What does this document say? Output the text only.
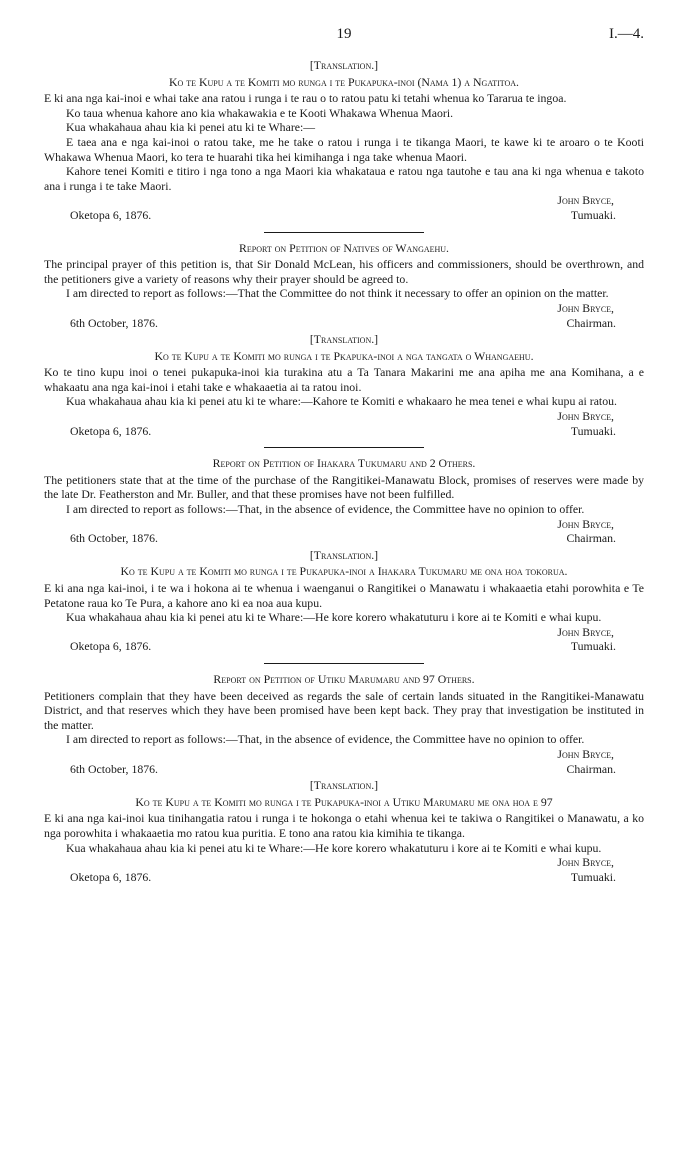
19	I.—4.
[Translation.]
Ko te Kupu a te Komiti mo runga i te Pukapuka-inoi (Nama 1) a Ngatitoa.

E ki ana nga kai-inoi e whai take ana ratou i runga i te rau o to ratou patu ki tetahi whenua ko Tararua te ingoa.

Ko taua whenua kahore ano kia whakawakia e te Kooti Whakawa Whenua Maori.

Kua whakahaua ahau kia ki penei atu ki te Whare:—

E taea ana e nga kai-inoi o ratou take, me he take o ratou i runga i te tikanga Maori, te kawe ki te aroaro o te Kooti Whakawa Whenua Maori, ko tera te huarahi tika hei kimihanga i nga take whenua Maori.

Kahore tenei Komiti e titiro i nga tono a nga Maori kia whakataua e ratou nga tautohe e tau ana ki nga whenua e takoto ana i runga i te take Maori.

John Bryce,
Oketopa 6, 1876.	Tumuaki.
Report on Petition of Natives of Wangaehu.

The principal prayer of this petition is, that Sir Donald McLean, his officers and commissioners, should be overthrown, and the petitioners give a variety of reasons why their prayer should be agreed to.

I am directed to report as follows:—That the Committee do not think it necessary to offer an opinion on the matter.

John Bryce,
6th October, 1876.	Chairman.
[Translation.]
Ko te Kupu a te Komiti mo runga i te Pkapuka-inoi a nga tangata o Whangaehu.

Ko te tino kupu inoi o tenei pukapuka-inoi kia turakina atu a Ta Tanara Makarini me ana apiha me ana Komihana, a e whakaatu ana nga kai-inoi i etahi take e whakaaetia ai ta ratou inoi.

Kua whakahaua ahau kia ki penei atu ki te whare:—Kahore te Komiti e whakaaro he mea tenei e whai kupu ai ratou.

John Bryce,
Oketopa 6, 1876.	Tumuaki.
Report on Petition of Ihakara Tukumaru and 2 Others.

The petitioners state that at the time of the purchase of the Rangitikei-Manawatu Block, promises of reserves were made by the late Dr. Featherston and Mr. Buller, and that these promises have not been fulfilled.

I am directed to report as follows:—That, in the absence of evidence, the Committee have no opinion to offer.

John Bryce,
6th October, 1876.	Chairman.
[Translation.]
Ko te Kupu a te Komiti mo runga i te Pukapuka-inoi a Ihakara Tukumaru me ona hoa tokorua.

E ki ana nga kai-inoi, i te wa i hokona ai te whenua i waenganui o Rangitikei o Manawatu i whakaaetia etahi porowhita e Te Petatone raua ko Te Pura, a kahore ano ki ea noa aua kupu.

Kua whakahaua ahau kia ki penei atu ki te Whare:—He kore korero whakatuturu i kore ai te Komiti e whai kupu.

John Bryce,
Oketopa 6, 1876.	Tumuaki.
Report on Petition of Utiku Marumaru and 97 Others.

Petitioners complain that they have been deceived as regards the sale of certain lands situated in the Rangitikei-Manawatu District, and that reserves which they have been promised have been kept back. They pray that investigation be instituted in the matter.

I am directed to report as follows:—That, in the absence of evidence, the Committee have no opinion to offer.

John Bryce,
6th October, 1876.	Chairman.
[Translation.]
Ko te Kupu a te Komiti mo runga i te Pukapuka-inoi a Utiku Marumaru me ona hoa e 97

E ki ana nga kai-inoi kua tinihangatia ratou i runga i te hokonga o etahi whenua kei te takiwa o Rangitikei o Manawatu, a ko nga porowhita i whakaaetia mo ratou kua puritia. E tono ana ratou kia kimihia te tikanga.

Kua whakahaua ahau kia ki penei atu ki te Whare:—He kore korero whakatuturu i kore ai te Komiti e whai kupu.

John Bryce,
Oketopa 6, 1876.	Tumuaki.
